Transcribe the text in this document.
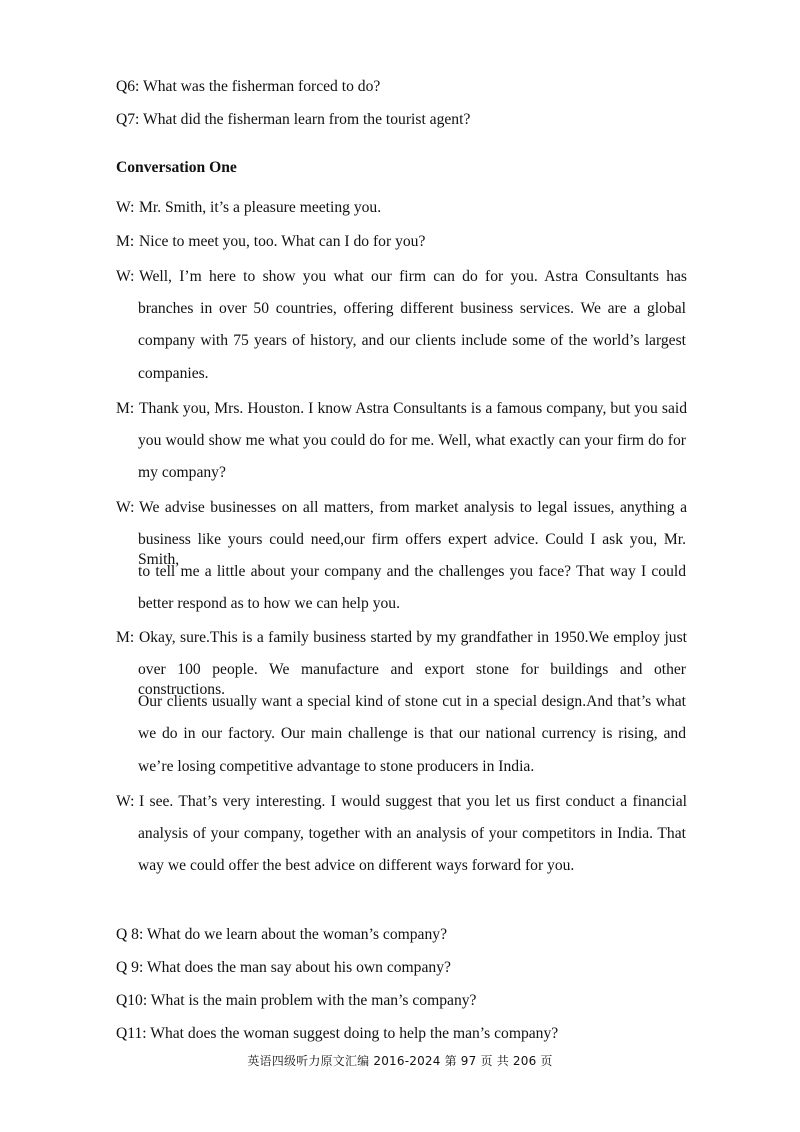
Q6: What was the fisherman forced to do?
Q7: What did the fisherman learn from the tourist agent?
Conversation One
W: Mr. Smith, it’s a pleasure meeting you.
M: Nice to meet you, too. What can I do for you?
W: Well, I’m here to show you what our firm can do for you. Astra Consultants has
branches in over 50 countries, offering different business services. We are a global
company with 75 years of history, and our clients include some of the world’s largest
companies.
M: Thank you, Mrs. Houston. I know Astra Consultants is a famous company, but you said
you would show me what you could do for me. Well, what exactly can your firm do for
my company?
W: We advise businesses on all matters, from market analysis to legal issues, anything a
business like yours could need,our firm offers expert advice. Could I ask you, Mr. Smith,
to tell me a little about your company and the challenges you face? That way I could
better respond as to how we can help you.
M: Okay, sure.This is a family business started by my grandfather in 1950.We employ just
over 100 people. We manufacture and export stone for buildings and other constructions.
Our clients usually want a special kind of stone cut in a special design.And that’s what
we do in our factory. Our main challenge is that our national currency is rising, and
we’re losing competitive advantage to stone producers in India.
W: I see. That’s very interesting. I would suggest that you let us first conduct a financial
analysis of your company, together with an analysis of your competitors in India. That
way we could offer the best advice on different ways forward for you.
Q 8: What do we learn about the woman’s company?
Q 9: What does the man say about his own company?
Q10: What is the main problem with the man’s company?
Q11: What does the woman suggest doing to help the man’s company?
英语四级听力原文汇编 2016-2024 第 97 页 共 206 页
